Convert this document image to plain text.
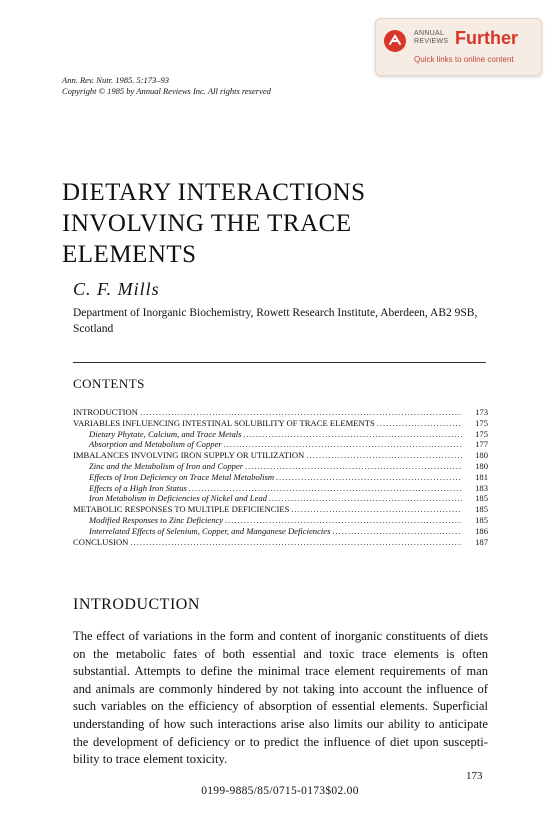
ANNUAL
REVIEWS Further
Quick links to online content
Ann. Rev. Nutr. 1985. 5:173–93
Copyright © 1985 by Annual Reviews Inc. All rights reserved
DIETARY INTERACTIONS
INVOLVING THE TRACE
ELEMENTS
C. F. Mills
Department of Inorganic Biochemistry, Rowett Research Institute, Aberdeen, AB2 9SB, Scotland
CONTENTS
INTRODUCTION .....	173
VARIABLES INFLUENCING INTESTINAL SOLUBILITY OF TRACE ELEMENTS .....	175
Dietary Phytate, Calcium, and Trace Metals .....	175
Absorption and Metabolism of Copper .....	177
IMBALANCES INVOLVING IRON SUPPLY OR UTILIZATION .....	180
Zinc and the Metabolism of Iron and Copper .....	180
Effects of Iron Deficiency on Trace Metal Metabolism .....	181
Effects of a High Iron Status .....	183
Iron Metabolism in Deficiencies of Nickel and Lead .....	185
METABOLIC RESPONSES TO MULTIPLE DEFICIENCIES .....	185
Modified Responses to Zinc Deficiency .....	185
Interrelated Effects of Selenium, Copper, and Manganese Deficiencies .....	186
CONCLUSION .....	187
INTRODUCTION
The effect of variations in the form and content of inorganic constituents of diets on the metabolic fates of both essential and toxic trace elements is often substantial. Attempts to define the minimal trace element requirements of man and animals are commonly hindered by not taking into account the influence of such variables on the efficiency of absorption of essential elements. Superficial understanding of how such interactions arise also limits our ability to anticipate the development of deficiency or to predict the influence of diet upon suscepti-bility to trace element toxicity.
173
0199-9885/85/0715-0173$02.00
